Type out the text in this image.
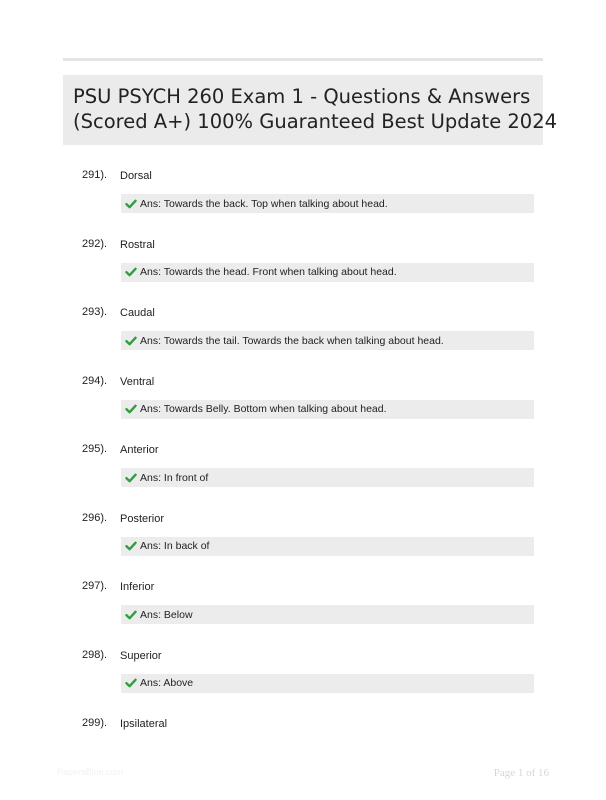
PSU PSYCH 260 Exam 1 - Questions & Answers
(Scored A+) 100% Guaranteed Best Update 2024
291). Dorsal
Ans: Towards the back. Top when talking about head.
292). Rostral
Ans: Towards the head. Front when talking about head.
293). Caudal
Ans: Towards the tail. Towards the back when talking about head.
294). Ventral
Ans: Towards Belly. Bottom when talking about head.
295). Anterior
Ans: In front of
296). Posterior
Ans: In back of
297). Inferior
Ans: Below
298). Superior
Ans: Above
299). Ipsilateral
PapersBlue.com	Page 1 of 16
